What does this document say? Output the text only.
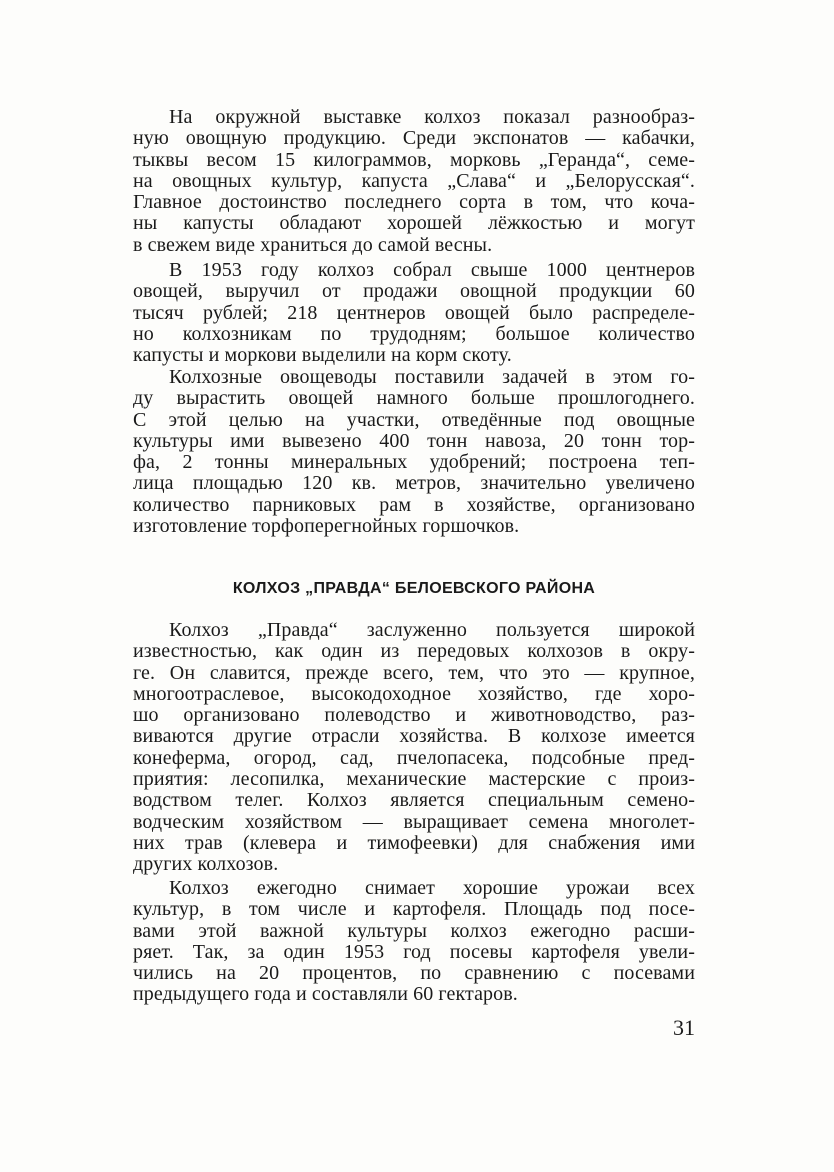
На окружной выставке колхоз показал разнообраз-
ную овощную продукцию. Среди экспонатов — кабачки,
тыквы весом 15 килограммов, морковь „Геранда“, семе-
на овощных культур, капуста „Слава“ и „Белорусская“.
Главное достоинство последнего сорта в том, что коча-
ны капусты обладают хорошей лёжкостью и могут
в свежем виде храниться до самой весны.
В 1953 году колхоз собрал свыше 1000 центнеров
овощей, выручил от продажи овощной продукции 60
тысяч рублей; 218 центнеров овощей было распределе-
но колхозникам по трудодням; большое количество
капусты и моркови выделили на корм скоту.
Колхозные овощеводы поставили задачей в этом го-
ду вырастить овощей намного больше прошлогоднего.
С этой целью на участки, отведённые под овощные
культуры ими вывезено 400 тонн навоза, 20 тонн тор-
фа, 2 тонны минеральных удобрений; построена теп-
лица площадью 120 кв. метров, значительно увеличено
количество парниковых рам в хозяйстве, организовано
изготовление торфоперегнойных горшочков.
КОЛХОЗ „ПРАВДА“ БЕЛОЕВСКОГО РАЙОНА
Колхоз „Правда“ заслуженно пользуется широкой
известностью, как один из передовых колхозов в окру-
ге. Он славится, прежде всего, тем, что это — крупное,
многоотраслевое, высокодоходное хозяйство, где хоро-
шо организовано полеводство и животноводство, раз-
виваются другие отрасли хозяйства. В колхозе имеется
конеферма, огород, сад, пчелопасека, подсобные пред-
приятия: лесопилка, механические мастерские с произ-
водством телег. Колхоз является специальным семено-
водческим хозяйством — выращивает семена многолет-
них трав (клевера и тимофеевки) для снабжения ими
других колхозов.
Колхоз ежегодно снимает хорошие урожаи всех
культур, в том числе и картофеля. Площадь под посе-
вами этой важной культуры колхоз ежегодно расши-
ряет. Так, за один 1953 год посевы картофеля увели-
чились на 20 процентов, по сравнению с посевами
предыдущего года и составляли 60 гектаров.
31
